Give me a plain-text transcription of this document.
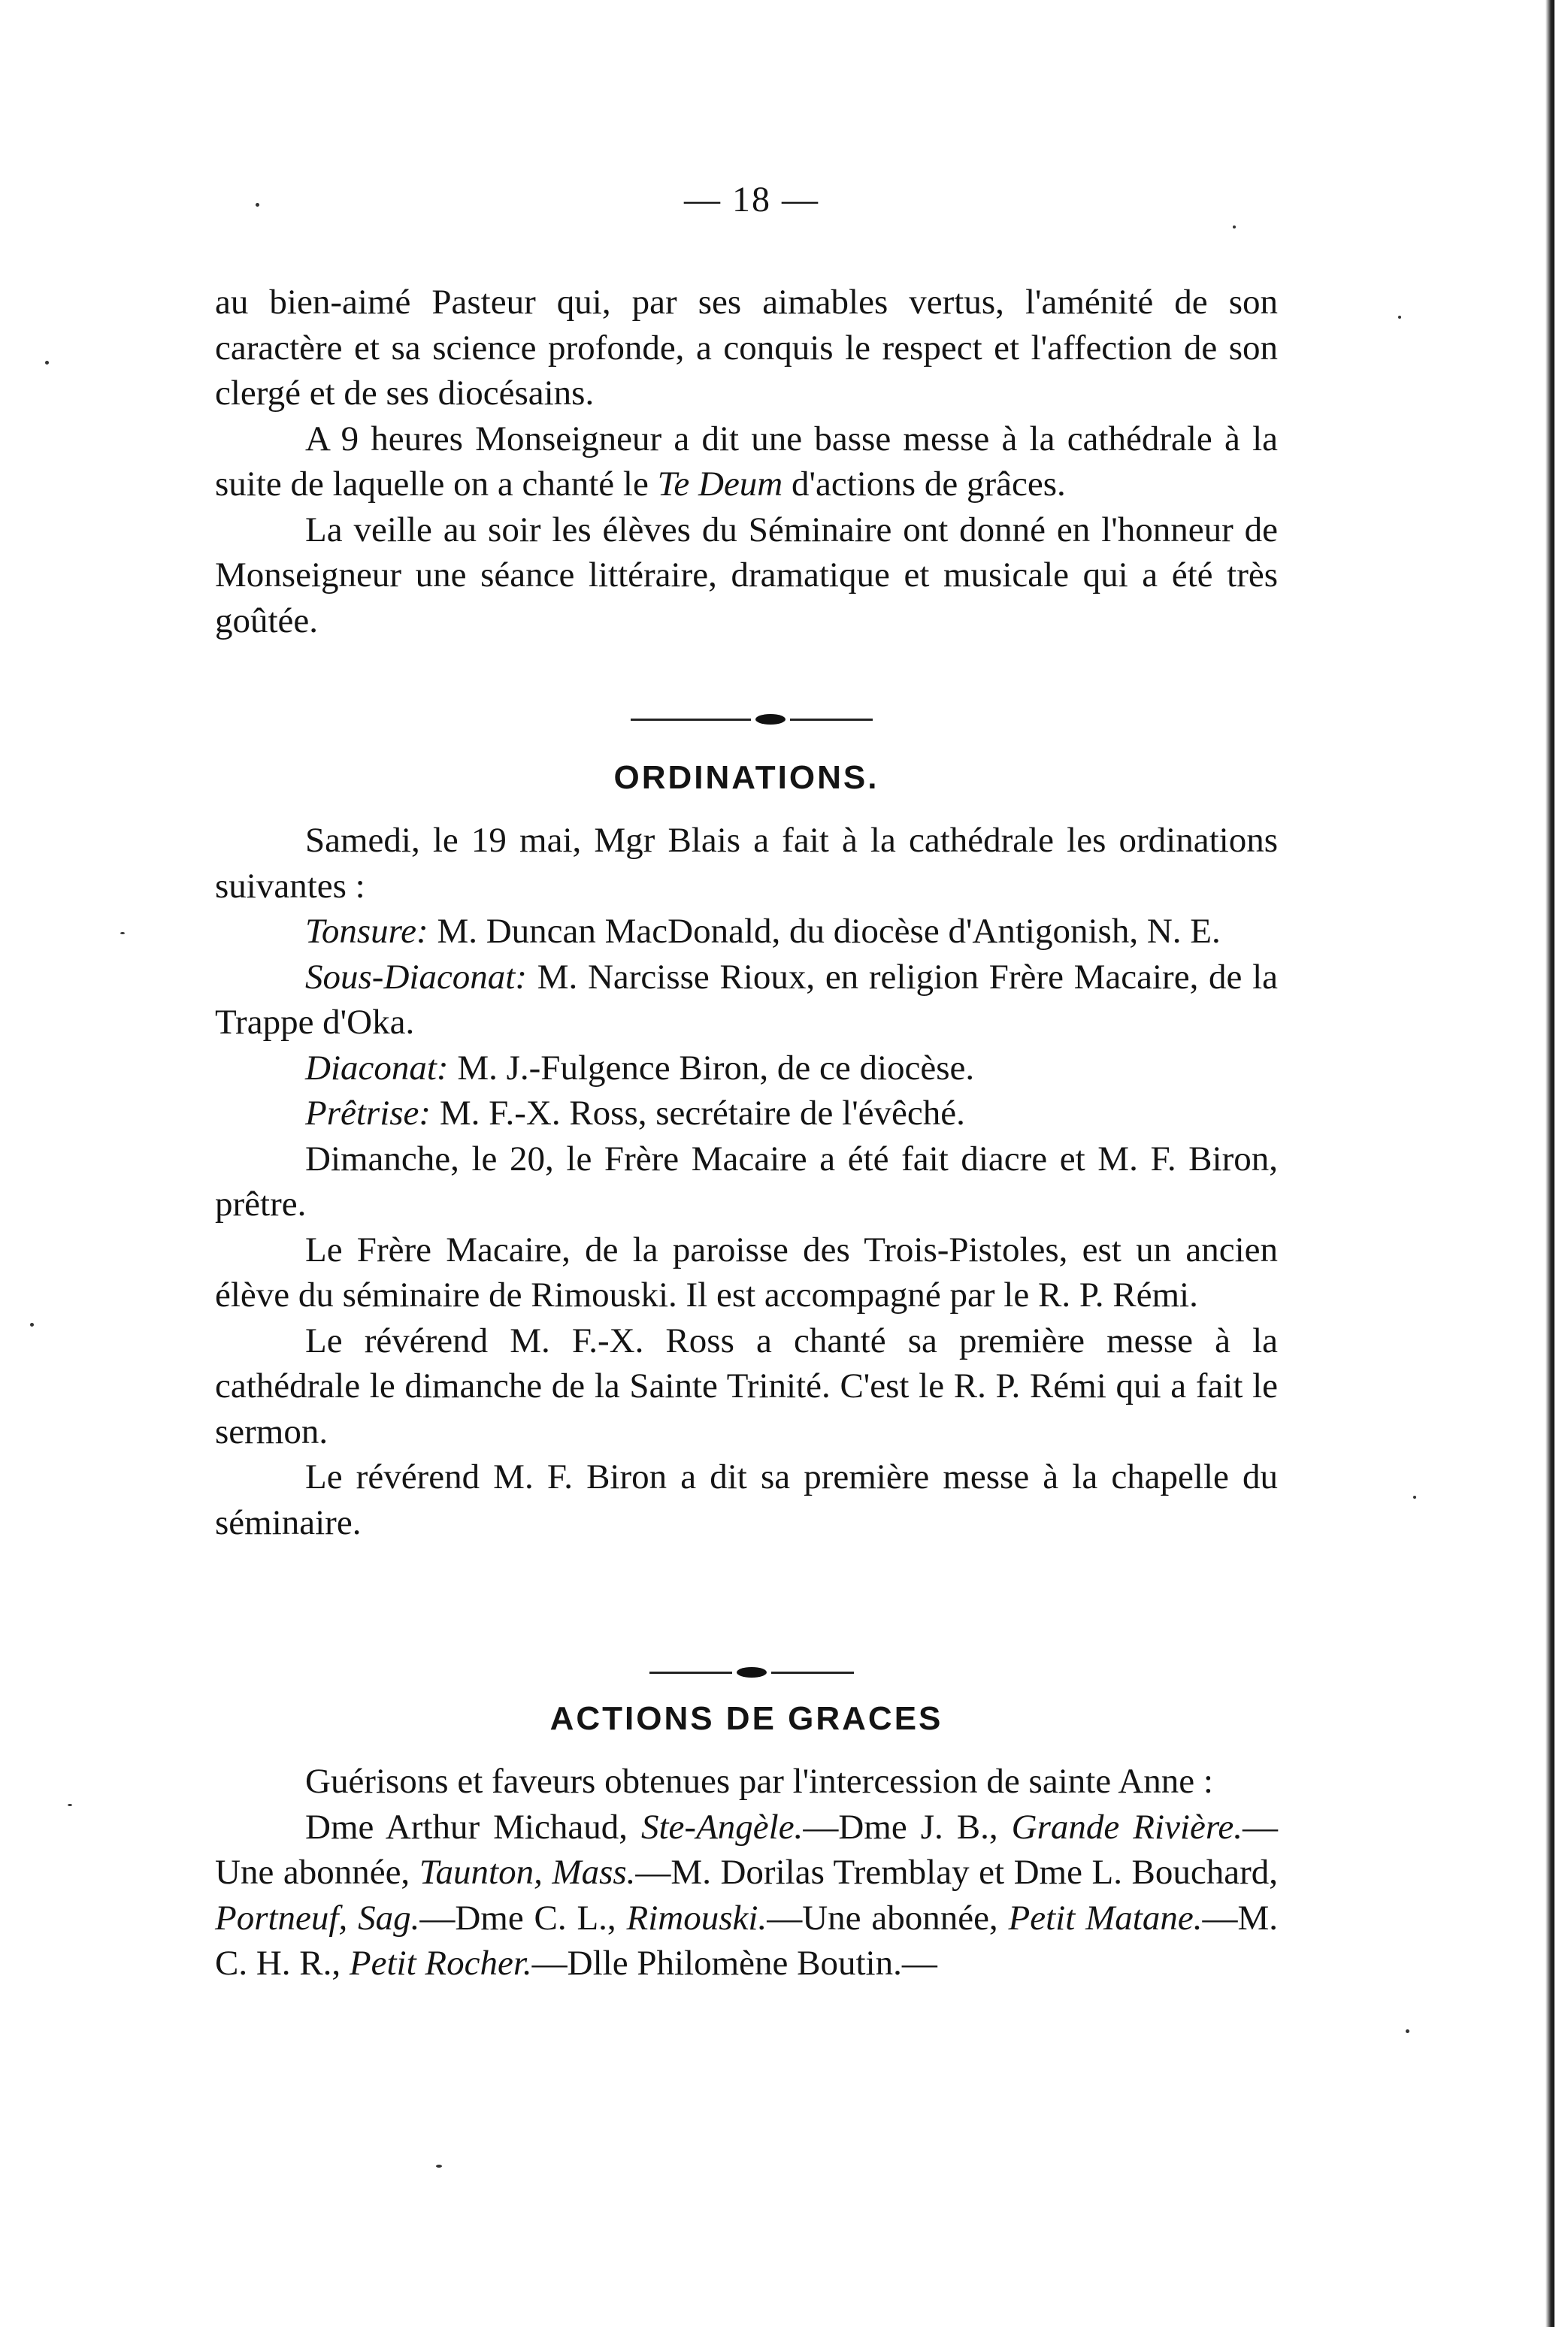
— 18 —

au bien-aimé Pasteur qui, par ses aimables vertus, l'aménité de son caractère et sa science profonde, a conquis le respect et l'affection de son clergé et de ses diocésains.

A 9 heures Monseigneur a dit une basse messe à la cathédrale à la suite de laquelle on a chanté le Te Deum d'actions de grâces.

La veille au soir les élèves du Séminaire ont donné en l'honneur de Monseigneur une séance littéraire, dramatique et musicale qui a été très goûtée.

ORDINATIONS.

Samedi, le 19 mai, Mgr Blais a fait à la cathédrale les ordinations suivantes :

Tonsure: M. Duncan MacDonald, du diocèse d'Antigonish, N. E.

Sous-Diaconat: M. Narcisse Rioux, en religion Frère Macaire, de la Trappe d'Oka.

Diaconat: M. J.-Fulgence Biron, de ce diocèse.

Prêtrise: M. F.-X. Ross, secrétaire de l'évêché.

Dimanche, le 20, le Frère Macaire a été fait diacre et M. F. Biron, prêtre.

Le Frère Macaire, de la paroisse des Trois-Pistoles, est un ancien élève du séminaire de Rimouski. Il est accompagné par le R. P. Rémi.

Le révérend M. F.-X. Ross a chanté sa première messe à la cathédrale le dimanche de la Sainte Trinité. C'est le R. P. Rémi qui a fait le sermon.

Le révérend M. F. Biron a dit sa première messe à la chapelle du séminaire.

ACTIONS DE GRACES

Guérisons et faveurs obtenues par l'intercession de sainte Anne :

Dme Arthur Michaud, Ste-Angèle.—Dme J. B., Grande Rivière.—Une abonnée, Taunton, Mass.—M. Dorilas Tremblay et Dme L. Bouchard, Portneuf, Sag.—Dme C. L., Rimouski.—Une abonnée, Petit Matane.—M. C. H. R., Petit Rocher.—Dlle Philomène Boutin.—
